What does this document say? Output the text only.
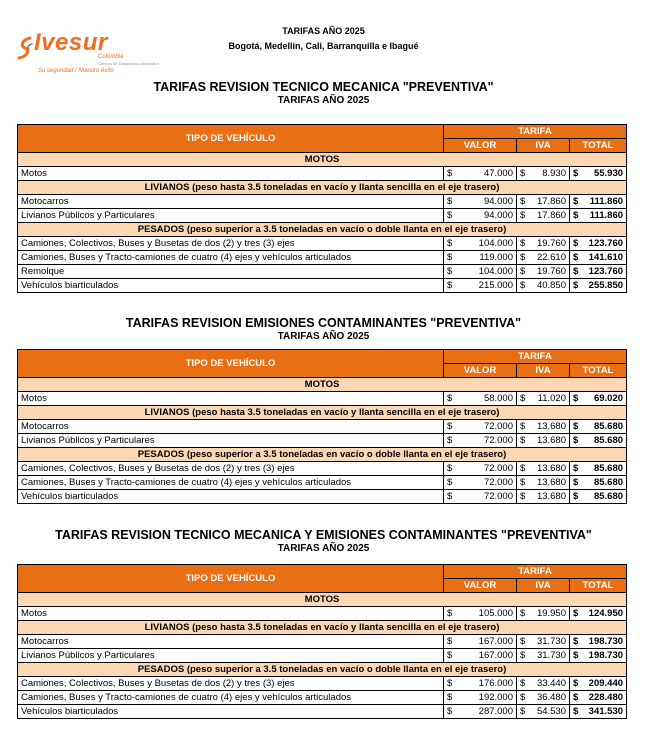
Ivesur
Colombia
Centros de Diagnóstico Automotor
Su seguridad / Nuestro éxito
TARIFAS AÑO 2025
Bogotá, Medellín, Cali, Barranquilla e Ibagué
TARIFAS REVISION TECNICO MECANICA "PREVENTIVA"
TARIFAS AÑO 2025
TIPO DE VEHÍCULO	TARIFA		
	VALOR	IVA	TOTAL
MOTOS			
Motos	$ 47.000	$ 8.930	$ 55.930
LIVIANOS (peso hasta 3.5 toneladas en vacío y llanta sencilla en el eje trasero)			
Motocarros	$ 94.000	$ 17.860	$ 111.860
Livianos Públicos y Particulares	$ 94.000	$ 17.860	$ 111.860
PESADOS (peso superior a 3.5 toneladas en vacío o doble llanta en el eje trasero)			
Camiones, Colectivos, Buses y Busetas de dos (2) y tres (3) ejes	$ 104.000	$ 19.760	$ 123.760
Camiones, Buses y Tracto-camiones de cuatro (4) ejes y vehículos articulados	$ 119.000	$ 22.610	$ 141.610
Remolque	$ 104.000	$ 19.760	$ 123.760
Vehículos biarticulados	$ 215.000	$ 40.850	$ 255.850
TARIFAS REVISION EMISIONES CONTAMINANTES "PREVENTIVA"
TARIFAS AÑO 2025
TIPO DE VEHÍCULO	TARIFA		
	VALOR	IVA	TOTAL
MOTOS			
Motos	$ 58.000	$ 11.020	$ 69.020
LIVIANOS (peso hasta 3.5 toneladas en vacío y llanta sencilla en el eje trasero)			
Motocarros	$ 72.000	$ 13.680	$ 85.680
Livianos Públicos y Particulares	$ 72.000	$ 13.680	$ 85.680
PESADOS (peso superior a 3.5 toneladas en vacío o doble llanta en el eje trasero)			
Camiones, Colectivos, Buses y Busetas de dos (2) y tres (3) ejes	$ 72.000	$ 13.680	$ 85.680
Camiones, Buses y Tracto-camiones de cuatro (4) ejes y vehículos articulados	$ 72.000	$ 13.680	$ 85.680
Vehículos biarticulados	$ 72.000	$ 13.680	$ 85.680
TARIFAS REVISION TECNICO MECANICA Y EMISIONES CONTAMINANTES "PREVENTIVA"
TARIFAS AÑO 2025
TIPO DE VEHÍCULO	TARIFA		
	VALOR	IVA	TOTAL
MOTOS			
Motos	$ 105.000	$ 19.950	$ 124.950
LIVIANOS (peso hasta 3.5 toneladas en vacío y llanta sencilla en el eje trasero)			
Motocarros	$ 167.000	$ 31.730	$ 198.730
Livianos Públicos y Particulares	$ 167.000	$ 31.730	$ 198.730
PESADOS (peso superior a 3.5 toneladas en vacío o doble llanta en el eje trasero)			
Camiones, Colectivos, Buses y Busetas de dos (2) y tres (3) ejes	$ 176.000	$ 33.440	$ 209.440
Camiones, Buses y Tracto-camiones de cuatro (4) ejes y vehículos articulados	$ 192.000	$ 36.480	$ 228.480
Vehículos biarticulados	$ 287.000	$ 54.530	$ 341.530
